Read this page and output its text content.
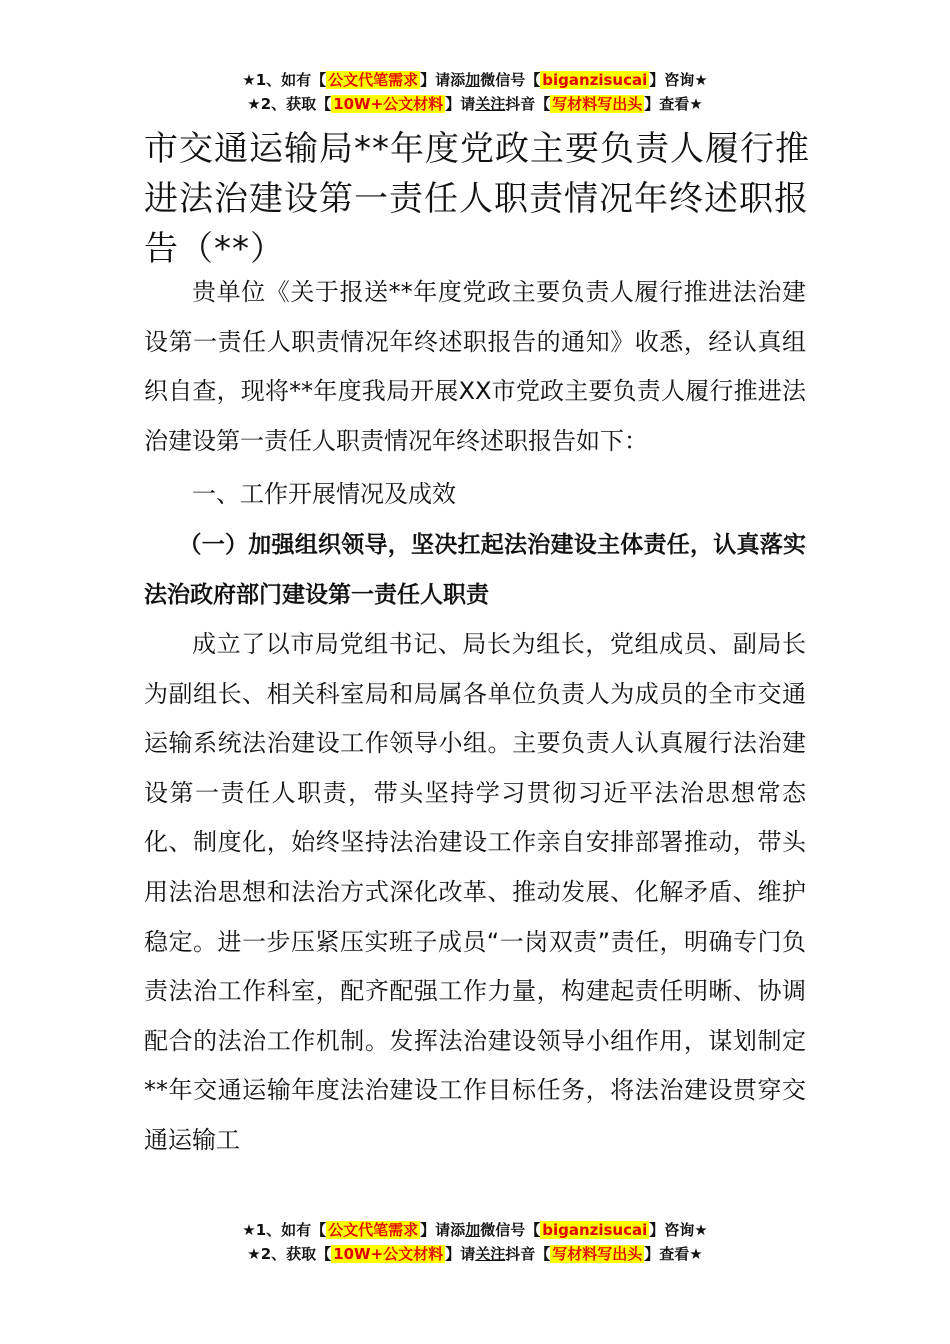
★1、如有【 公文代笔需求 】请添加微信号【 biganzisucai 】咨询★
★2、获取【 10W+公文材料 】请关注抖音【 写材料写出头 】查看★
市交通运输局**年度党政主要负责人履行推进法治建设第一责任人职责情况年终述职报告（**）

贵单位《关于报送**年度党政主要负责人履行推进法治建设第一责任人职责情况年终述职报告的通知》收悉，经认真组织自查，现将**年度我局开展XX市党政主要负责人履行推进法治建设第一责任人职责情况年终述职报告如下：

一、工作开展情况及成效

（一）加强组织领导，坚决扛起法治建设主体责任，认真落实法治政府部门建设第一责任人职责

成立了以市局党组书记、局长为组长，党组成员、副局长为副组长、相关科室局和局属各单位负责人为成员的全市交通运输系统法治建设工作领导小组。主要负责人认真履行法治建设第一责任人职责，带头坚持学习贯彻习近平法治思想常态化、制度化，始终坚持法治建设工作亲自安排部署推动，带头用法治思想和法治方式深化改革、推动发展、化解矛盾、维护稳定。进一步压紧压实班子成员“一岗双责”责任，明确专门负责法治工作科室，配齐配强工作力量，构建起责任明晰、协调配合的法治工作机制。发挥法治建设领导小组作用，谋划制定**年交通运输年度法治建设工作目标任务，将法治建设贯穿交通运输工

★1、如有【 公文代笔需求 】请添加微信号【 biganzisucai 】咨询★
★2、获取【 10W+公文材料 】请关注抖音【 写材料写出头 】查看★
